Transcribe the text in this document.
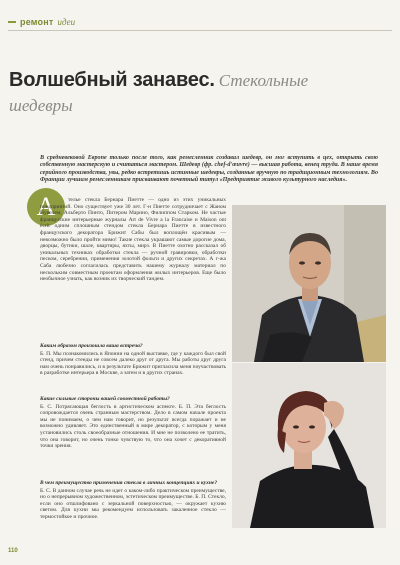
ремонт идеи
Волшебный занавес. Стекольные шедевры

В средневековой Европе только после того, как ремесленник создавал шедевр, он мог вступить в цех, открыть свою собственную мастерскую и считаться мастером. Шедевр (фр. chef-d'œuvre) — высшая работа, венец труда. В наше время серийного производства, увы, редко встретишь истинные шедевры, созданные вручную по традиционным технологиям. Во Франции лучшим ремесленникам присваивают почетный титул «Предприятие живого культурного наследия».

А	телье стекла Бернара Пиетте — одно из этих уникальных предприятий. Оно существует уже 30 лет. Г-н Пиетте сотрудничает с Жаном Нувелем, Альберто Пинто, Питером Марино, Филиппом Старком. Не частые французские интерьерные журналы Art de Vivre а la Francaise и Maison ont écrit одним сплошным стендом стекла Бернара Пиетте в известного французского декоратора Брижит Сабы был воплощён красивым — невозможно было пройти мимо! Такие стекла украшают самые дорогие дома, дворцы, бутики, шале, квартиры, яхты, мирз. В Пиетте охотно рассказал об уникальных техниках обработки стекла — ручной гравировки, обработки песком, серебрении, применения золотой фольги и других секретах. А г-жа Саба любезно согласилась представить нашему журналу материал по нескольким совместным проектам оформления жилых интерьеров. Еще было необычное узнать, как возник их творческий тандем.

Каким образом произошла ваша встреча?

Б. П. Мы познакомились в Японии на одной выставке, где у каждого был свой стенд, причем стенды не совсем далеко друг от друга. Мы работы друг друга нам очень понравились, и в результате Брижит пригласила меня поучаствовать в разработке интерьера в Москве, а затем и в других странах.

Какие сильные стороны вашей совместной работы?

Б. С. Потрясающая беглость в артистическом аспекте. Б. П. Эта беглость сопровождается очень странным мастерством. Дело в самом начале проекта мы не понимаем, о чем нам говорит, но результат всегда поражает и не возможно удивляет. Это единственный в мире декоратор, с которым у меня установились столь своеобразные отношения. И мне не позволено ее тратить, что она говорит, но очень тонко чувствую то, что она хочет с декоративной точки зрения.

В чем преимущество применения стекла в личных концепциях и кухне?

Б. С. В данном случае речь не идет о каком-либо практическом преимуществе, но о непрерывном художественном, эстетическом преимуществе. Б. П. Стекло, если оно отшлифовано с зеркальной поверхностью, — окружает кухню светом. Для кухни мы рекомендуем использовать закаленное стекло — термостойкое и прочное.

110
